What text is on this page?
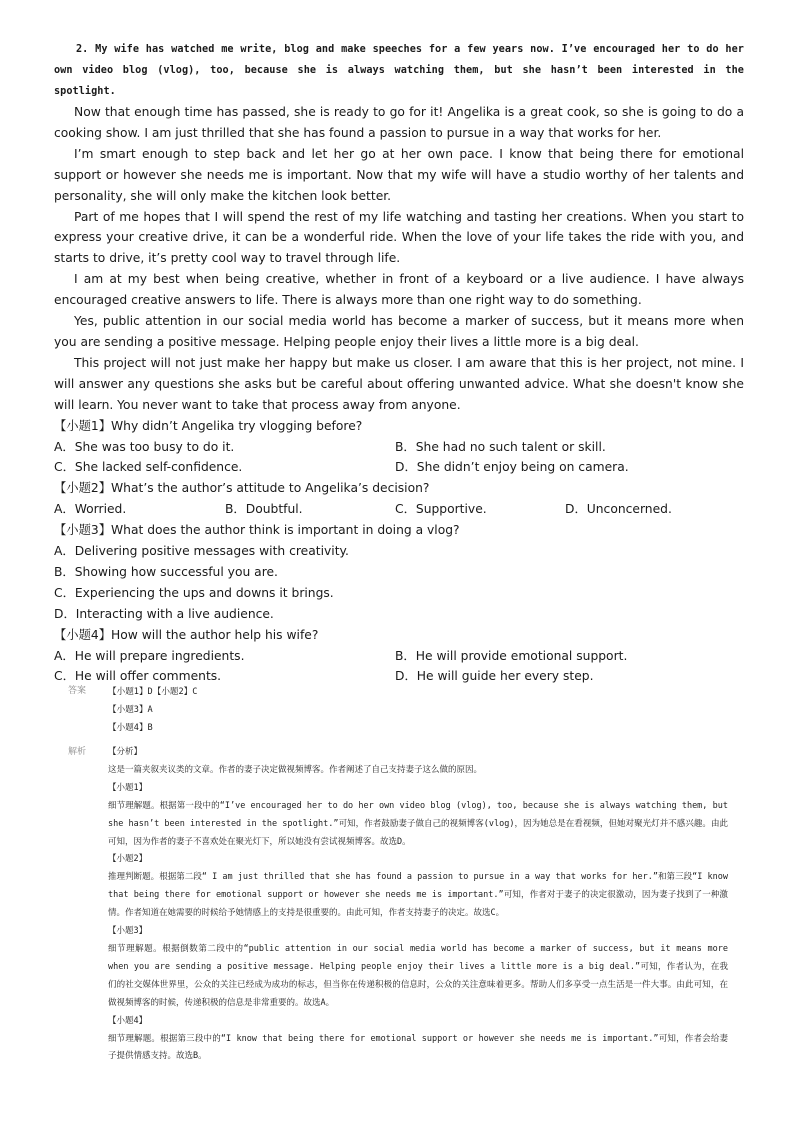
2. My wife has watched me write, blog and make speeches for a few years now. I’ve encouraged her to do her own video blog (vlog), too, because she is always watching them, but she hasn’t been interested in the spotlight.
Now that enough time has passed, she is ready to go for it! Angelika is a great cook, so she is going to do a cooking show. I am just thrilled that she has found a passion to pursue in a way that works for her.
I’m smart enough to step back and let her go at her own pace. I know that being there for emotional support or however she needs me is important. Now that my wife will have a studio worthy of her talents and personality, she will only make the kitchen look better.
Part of me hopes that I will spend the rest of my life watching and tasting her creations. When you start to express your creative drive, it can be a wonderful ride. When the love of your life takes the ride with you, and starts to drive, it’s pretty cool way to travel through life.
I am at my best when being creative, whether in front of a keyboard or a live audience. I have always encouraged creative answers to life. There is always more than one right way to do something.
Yes, public attention in our social media world has become a marker of success, but it means more when you are sending a positive message. Helping people enjoy their lives a little more is a big deal.
This project will not just make her happy but make us closer. I am aware that this is her project, not mine. I will answer any questions she asks but be careful about offering unwanted advice. What she doesn't know she will learn. You never want to take that process away from anyone.
【小题1】Why didn’t Angelika try vlogging before?
A．She was too busy to do it.	B．She had no such talent or skill.
C．She lacked self-confidence.	D．She didn’t enjoy being on camera.
【小题2】What’s the author’s attitude to Angelika’s decision?
A．Worried.	B．Doubtful.	C．Supportive.	D．Unconcerned.
【小题3】What does the author think is important in doing a vlog?
A．Delivering positive messages with creativity.
B．Showing how successful you are.
C．Experiencing the ups and downs it brings.
D．Interacting with a live audience.
【小题4】How will the author help his wife?
A．He will prepare ingredients.	B．He will provide emotional support.
C．He will offer comments.	D．He will guide her every step.
答案	【小题1】D【小题2】C
【小题3】A
【小题4】B
解析	【分析】
这是一篇夹叙夹议类的文章。作者的妻子决定做视频博客。作者阐述了自己支持妻子这么做的原因。
【小题1】
细节理解题。根据第一段中的“I’ve encouraged her to do her own video blog (vlog), too, because she is always watching them, but she hasn’t been interested in the spotlight.”可知，作者鼓励妻子做自己的视频博客(vlog)，因为她总是在看视频，但她对聚光灯并不感兴趣。由此可知，因为作者的妻子不喜欢处在聚光灯下，所以她没有尝试视频博客。故选D。
【小题2】
推理判断题。根据第二段“ I am just thrilled that she has found a passion to pursue in a way that works for her.”和第三段“I know that being there for emotional support or however she needs me is important.”可知，作者对于妻子的决定很激动，因为妻子找到了一种激情。作者知道在她需要的时候给予她情感上的支持是很重要的。由此可知，作者支持妻子的决定。故选C。
【小题3】
细节理解题。根据倒数第二段中的“public attention in our social media world has become a marker of success, but it means more when you are sending a positive message. Helping people enjoy their lives a little more is a big deal.”可知，作者认为，在我们的社交媒体世界里，公众的关注已经成为成功的标志，但当你在传递积极的信息时，公众的关注意味着更多。帮助人们多享受一点生活是一件大事。由此可知，在做视频博客的时候，传递积极的信息是非常重要的。故选A。
【小题4】
细节理解题。根据第三段中的“I know that being there for emotional support or however she needs me is important.”可知，作者会给妻子提供情感支持。故选B。
